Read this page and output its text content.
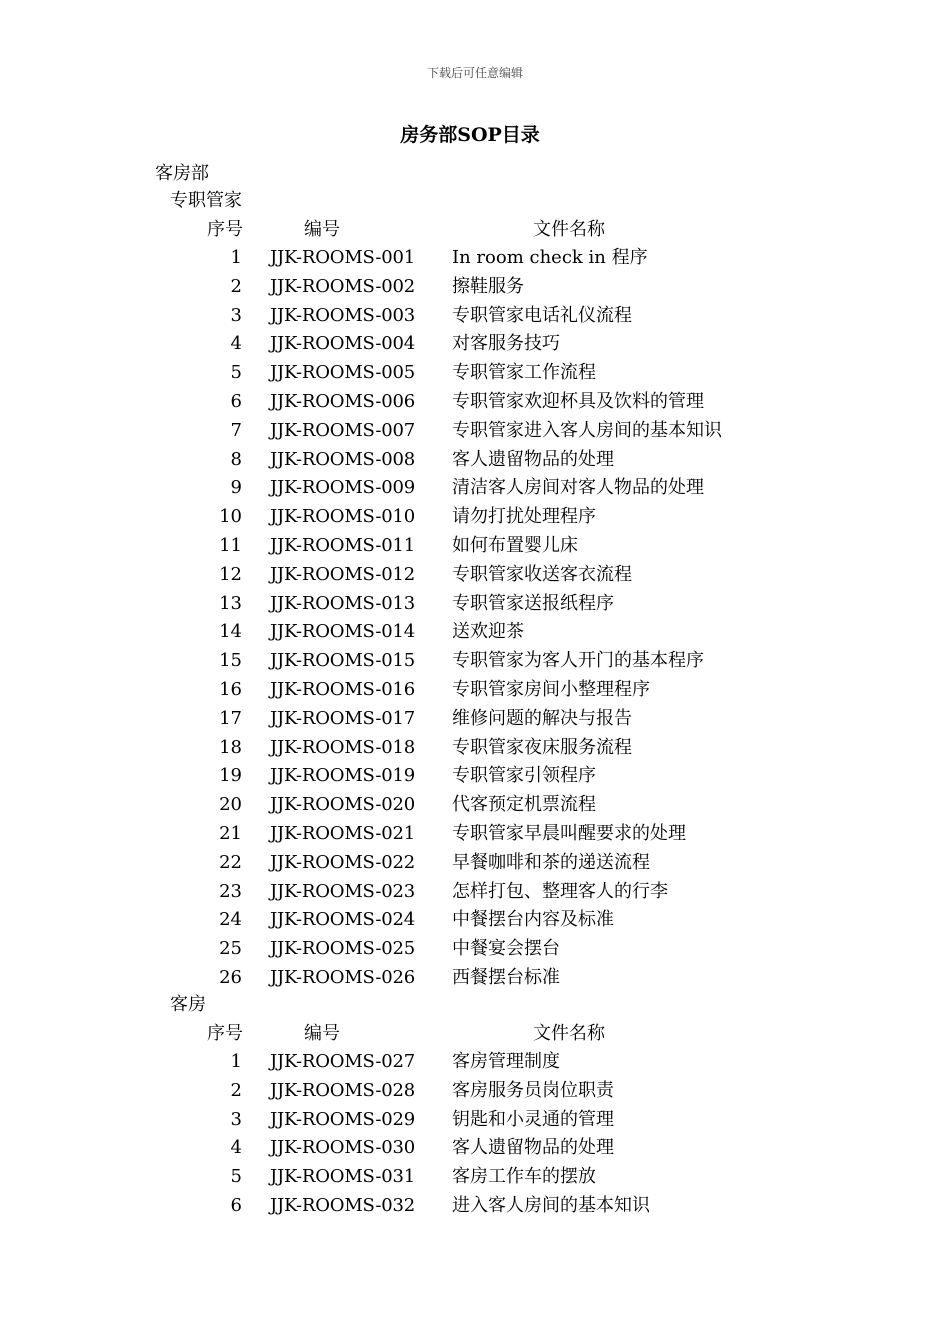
下载后可任意编辑
房务部SOP目录
客房部
专职管家
序号	编号	文件名称
1 JJK-ROOMS-001 In room check in 程序
2 JJK-ROOMS-002 擦鞋服务
3 JJK-ROOMS-003 专职管家电话礼仪流程
4 JJK-ROOMS-004 对客服务技巧
5 JJK-ROOMS-005 专职管家工作流程
6 JJK-ROOMS-006 专职管家欢迎杯具及饮料的管理
7 JJK-ROOMS-007 专职管家进入客人房间的基本知识
8 JJK-ROOMS-008 客人遗留物品的处理
9 JJK-ROOMS-009 清洁客人房间对客人物品的处理
10 JJK-ROOMS-010 请勿打扰处理程序
11 JJK-ROOMS-011 如何布置婴儿床
12 JJK-ROOMS-012 专职管家收送客衣流程
13 JJK-ROOMS-013 专职管家送报纸程序
14 JJK-ROOMS-014 送欢迎茶
15 JJK-ROOMS-015 专职管家为客人开门的基本程序
16 JJK-ROOMS-016 专职管家房间小整理程序
17 JJK-ROOMS-017 维修问题的解决与报告
18 JJK-ROOMS-018 专职管家夜床服务流程
19 JJK-ROOMS-019 专职管家引领程序
20 JJK-ROOMS-020 代客预定机票流程
21 JJK-ROOMS-021 专职管家早晨叫醒要求的处理
22 JJK-ROOMS-022 早餐咖啡和茶的递送流程
23 JJK-ROOMS-023 怎样打包、整理客人的行李
24 JJK-ROOMS-024 中餐摆台内容及标准
25 JJK-ROOMS-025 中餐宴会摆台
26 JJK-ROOMS-026 西餐摆台标准
客房
序号	编号	文件名称
1 JJK-ROOMS-027 客房管理制度
2 JJK-ROOMS-028 客房服务员岗位职责
3 JJK-ROOMS-029 钥匙和小灵通的管理
4 JJK-ROOMS-030 客人遗留物品的处理
5 JJK-ROOMS-031 客房工作车的摆放
6 JJK-ROOMS-032 进入客人房间的基本知识
